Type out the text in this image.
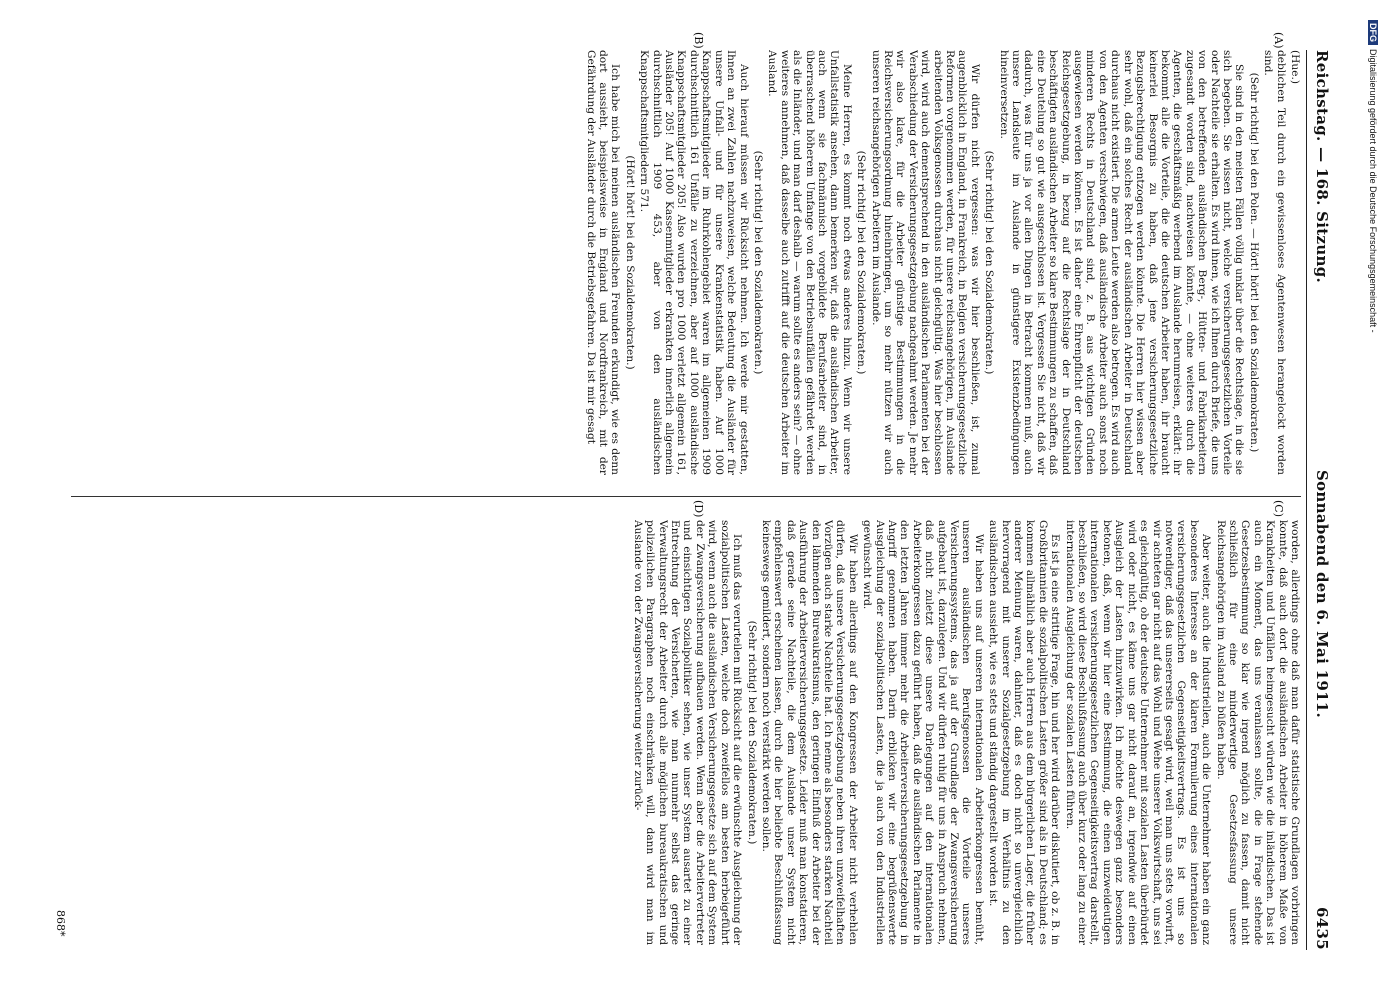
Reichstag. — 168. Sitzung.
Sonnabend den 6. Mai 1911.
6435
(A)
(B)
(C)
(D)

(Hue.)

deblichen Teil durch ein gewissenloses Agentenwesen herangelockt worden sind.

(Sehr richtig! bei den Polen. — Hört! hört! bei den Sozialdemokraten.)

Sie sind in den meisten Fällen völlig unklar über die Rechtslage, in die sie sich begeben. Sie wissen nicht, welche versicherungsgesetzlichen Vorteile oder Nachteile sie erhalten. Es wird ihnen, wie ich Ihnen durch Briefe, die uns von den betreffenden ausländischen Berg-, Hütten- und Fabrikarbeitern zugesandt worden sind, nachweisen könnte, — ohne weiteres durch die Agenten, die geschäftsmäßig werbend im Auslande herumreisen, erklärt: ihr bekommt alle die Vorteile, die die deutschen Arbeiter haben, ihr braucht keinerlei Besorgnis zu haben, daß jene versicherungsgesetzliche Bezugsberechtigung entzogen werden könnte. Die Herren hier wissen aber sehr wohl, daß ein solches Recht der ausländischen Arbeiter in Deutschland durchaus nicht existiert. Die armen Leute werden also betrogen. Es wird auch von den Agenten verschwiegen, daß ausländische Arbeiter auch sonst noch minderen Rechts in Deutschland sind, z. B. aus wichtigen Gründen ausgewiesen werden können. Es ist daher eine Ehrenpflicht der deutschen Reichsgesetzgebung, in bezug auf die Rechtslage der in Deutschland beschäftigten ausländischen Arbeiter so klare Bestimmungen zu schaffen, daß eine Deutelung so gut wie ausgeschlossen ist. Vergessen Sie nicht, daß wir dadurch, was für uns ja vor allen Dingen in Betracht kommen muß, auch unsere Landsleute im Auslande in günstigere Existenzbedingungen hineinversetzen.

(Sehr richtig! bei den Sozialdemokraten.)

Wir dürfen nicht vergessen: was wir hier beschließen, ist, zumal augenblicklich in England, in Frankreich, in Belgien versicherungsgesetzliche Reformen vorgenommen werden, für unsere reichsangehörigen, im Auslande arbeitenden Volksgenossen durchaus nicht gleichgültig. Was hier beschlossen wird, wird auch dementsprechend in den ausländischen Parlamenten bei der Verabschiedung der Versicherungsgesetzgebung nachgeahmt werden. Je mehr wir also klare, für die Arbeiter günstige Bestimmungen in die Reichsversicherungsordnung hineinbringen, um so mehr nützen wir auch unseren reichsangehörigen Arbeitern im Auslande.

(Sehr richtig! bei den Sozialdemokraten.)

Meine Herren, es kommt noch etwas anderes hinzu. Wenn wir unsere Unfallstatistik ansehen, dann bemerken wir, daß die ausländischen Arbeiter, auch wenn sie fachmännisch vorgebildete Berufsarbeiter sind, in überraschend höherem Umfange von den Betriebsunfällen gefährdet werden als die Inländer, und man darf deshalb — warum sollte es anders sein? — ohne weiteres annehmen, daß dasselbe auch zutrifft auf die deutschen Arbeiter im Ausland.

(Sehr richtig! bei den Sozialdemokraten.)

Auch hierauf müssen wir Rücksicht nehmen. Ich werde mir gestatten, Ihnen an zwei Zahlen nachzuweisen, welche Bedeutung die Ausländer für unsere Unfall- und für unsere Krankenstatistik haben. Auf 1000 Knappschaftsmitglieder im Ruhrkohlengebiet waren im allgemeinen 1909 durchschnittlich 161 Unfälle zu verzeichnen, aber auf 1000 ausländische Knappschaftsmitglieder 205! Also wurden pro 1000 verletzt allgemein 161, Ausländer 205! Auf 1000 Kassenmitglieder erkrankten innerlich allgemein durchschnittlich 1909 453, aber von den ausländischen Knappschaftsmitgliedern 571.

(Hört! hört! bei den Sozialdemokraten.)

Ich habe mich bei meinen ausländischen Freunden erkundigt, wie es denn dort aussieht, beispielsweise in England und Nordfrankreich, mit der Gefährdung der Ausländer durch die Betriebsgefahren. Da ist mir gesagt

worden, allerdings ohne daß man dafür statistische Grundlagen vorbringen konnte, daß auch dort die ausländischen Arbeiter in höherem Maße von Krankheiten und Unfällen heimgesucht würden wie die inländischen. Das ist auch ein Moment, das uns veranlassen sollte, die in Frage stehende Gesetzesbestimmung so klar wie irgend möglich zu fassen, damit nicht schließlich für eine minderwertige Gesetzesfassung unsere Reichsangehörigen im Ausland zu büßen haben.

Aber weiter, auch die Industriellen, auch die Unternehmer haben ein ganz besonderes Interesse an der klaren Formulierung eines internationalen versicherungsgesetzlichen Gegenseitigkeitsvertrags. Es ist uns so notwendiger, daß das unsererseits gesagt wird, weil man uns stets vorwirft, wir achteten gar nicht auf das Wohl und Wehe unserer Volkswirtschaft, uns sei es gleichgültig, ob der deutsche Unternehmer mit sozialen Lasten überbürdet wird oder nicht, es käme uns gar nicht darauf an, irgendwie auf einen Ausgleich der Lasten hinzuwirken. Ich möchte deswegen ganz besonders betonen, daß, wenn wir hier eine Bestimmung, die einen unzweideutigen internationalen versicherungsgesetzlichen Gegenseitigkeitsvertrag darstellt, beschließen, so wird diese Beschlußfassung auch über kurz oder lang zu einer internationalen Ausgleichung der sozialen Lasten führen.

Es ist ja eine strittige Frage, hin und her wird darüber diskutiert, ob z. B. in Großbritannien die sozialpolitischen Lasten größer sind als in Deutschland; es kommen allmählich aber auch Herren aus dem bürgerlichen Lager, die früher anderer Meinung waren, dahinter, daß es doch nicht so unvergleichlich hervorragend mit unserer Sozialgesetzgebung im Verhältnis zu den ausländischen aussieht, wie es stets und ständig dargestellt worden ist.

Wir haben uns auf unseren internationalen Arbeiterkongressen bemüht, unseren ausländischen Berufsgenossen die Vorteile unseres Versicherungssystems, das ja auf der Grundlage der Zwangsversicherung aufgebaut ist, darzulegen. Und wir dürfen ruhig für uns in Anspruch nehmen, daß nicht zuletzt diese unsere Darlegungen auf den internationalen Arbeiterkongressen dazu geführt haben, daß die ausländischen Parlamente in den letzten Jahren immer mehr die Arbeiterversicherungsgesetzgebung in Angriff genommen haben. Darin erblicken wir eine begrüßenswerte Ausgleichung der sozialpolitischen Lasten, die ja auch von den Industriellen gewünscht wird.

Wir haben allerdings auf den Kongressen der Arbeiter nicht verhehlen dürfen, daß unsere Versicherungsgesetzgebung neben ihren unzweifelhaften Vorzügen auch starke Nachteile hat. Ich nenne als besonders starken Nachteil den lähmenden Bureaukratismus, den geringen Einfluß der Arbeiter bei der Ausführung der Arbeiterversicherungsgesetze. Leider muß man konstatieren, daß gerade seine Nachteile, die dem Auslande unser System nicht empfehlenswert erscheinen lassen, durch die hier beliebte Beschlußfassung keineswegs gemildert, sondern noch verstärkt werden sollen.

(Sehr richtig! bei den Sozialdemokraten.)

Ich muß das verurteilen mit Rücksicht auf die erwünschte Ausgleichung der sozialpolitischen Lasten, welche doch zweifellos am besten herbeigeführt wird, wenn auch die ausländischen Versicherungsgesetze sich auf dem System der Zwangsversicherung aufbauen werden. Wenn aber die Arbeitervertreter und einsichtigen Sozialpolitiker sehen, wie unser System ausartet zu einer Entrechtung der Versicherten, wie man nunmehr selbst das geringe Verwaltungsrecht der Arbeiter durch alle möglichen bureaukratischen und polizeilichen Paragraphen noch einschränken will, dann wird man im Auslande von der Zwangsversicherung weiter zurück-

868*
DFGDigitalisierung gefördert durch die Deutsche Forschungsgemeinschaft -
